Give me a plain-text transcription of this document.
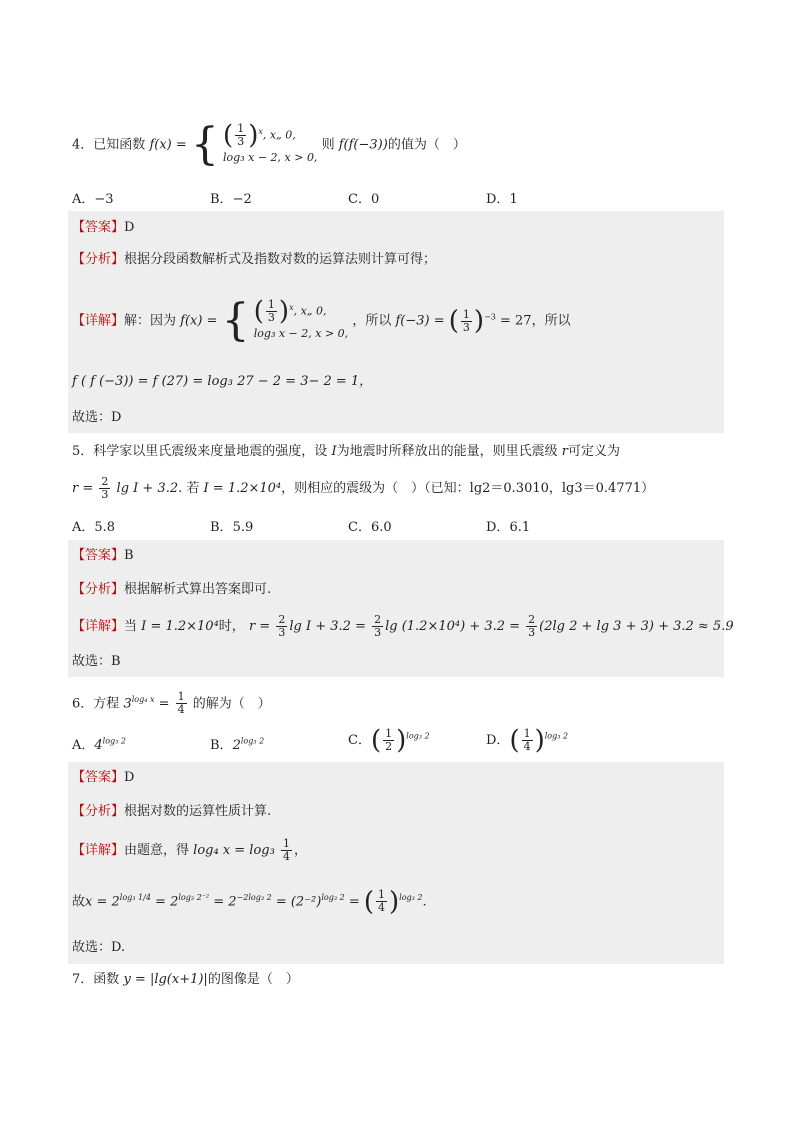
4．已知函数 f(x) = { ( $\frac{1}{3} )^x$, x„ 0,
log₃ x − 2, x > 0,
则 f(f(−3))的值为（　）
A．−3	B．−2	C．0	D．1
【答案】D
【分析】根据分段函数解析式及指数对数的运算法则计算可得；
【详解】解：因为 f(x) = { ( $\frac{1}{3} )^x$, x„ 0,
log₃ x − 2, x > 0,
，所以 f(−3) = ( $\frac{1}{3} )^{-3} = 27$，所以
f ( f (−3)) = f (27) = log₃ 27 − 2 = 3− 2 = 1，
故选：D
5．科学家以里氏震级来度量地震的强度，设 I为地震时所释放出的能量，则里氏震级 r可定义为
$r = \frac{2}{3}$ lg I + 3.2. 若 I = 1.2×10⁴，则相应的震级为（　）（已知：lg2＝0.3010，lg3＝0.4771）
A．5.8	B．5.9	C．6.0	D．6.1
【答案】B
【分析】根据解析式算出答案即可.
【详解】当 I = 1.2×10⁴时， $r = \frac{2}{3}$ $\lg I + 3.2 = \frac{2}{3}$ $\lg (1.2\times 10^4) + 3.2 = \frac{2}{3} (2\lg$ 2 + lg 3 + 3) + 3.2 ≈ 5.9
故选：B
6．方程 $3^{log_4 x} = \frac{1}{4}$ 的解为（　）
A．$4^{log_3 2}$	B．$2^{log_3 2}$	C．( $\frac{1}{2} )^{log_3 2}$	D．( $\frac{1}{4} )^{log_3 2}$
【答案】D
【分析】根据对数的运算性质计算.
【详解】由题意，得 log₄ $x = \log_3 \frac{1}{4}$ ，
故$x = 2^{log_3 1/4} = 2^{log_3 2^{-2}} = 2^{-2log_3 2} = (2^{-2})^{log_3 2}$ = ( $\frac{1}{4} )^{log_3 2}$.
故选：D.
7．函数 y = |lg(x+1)|的图像是（　）
